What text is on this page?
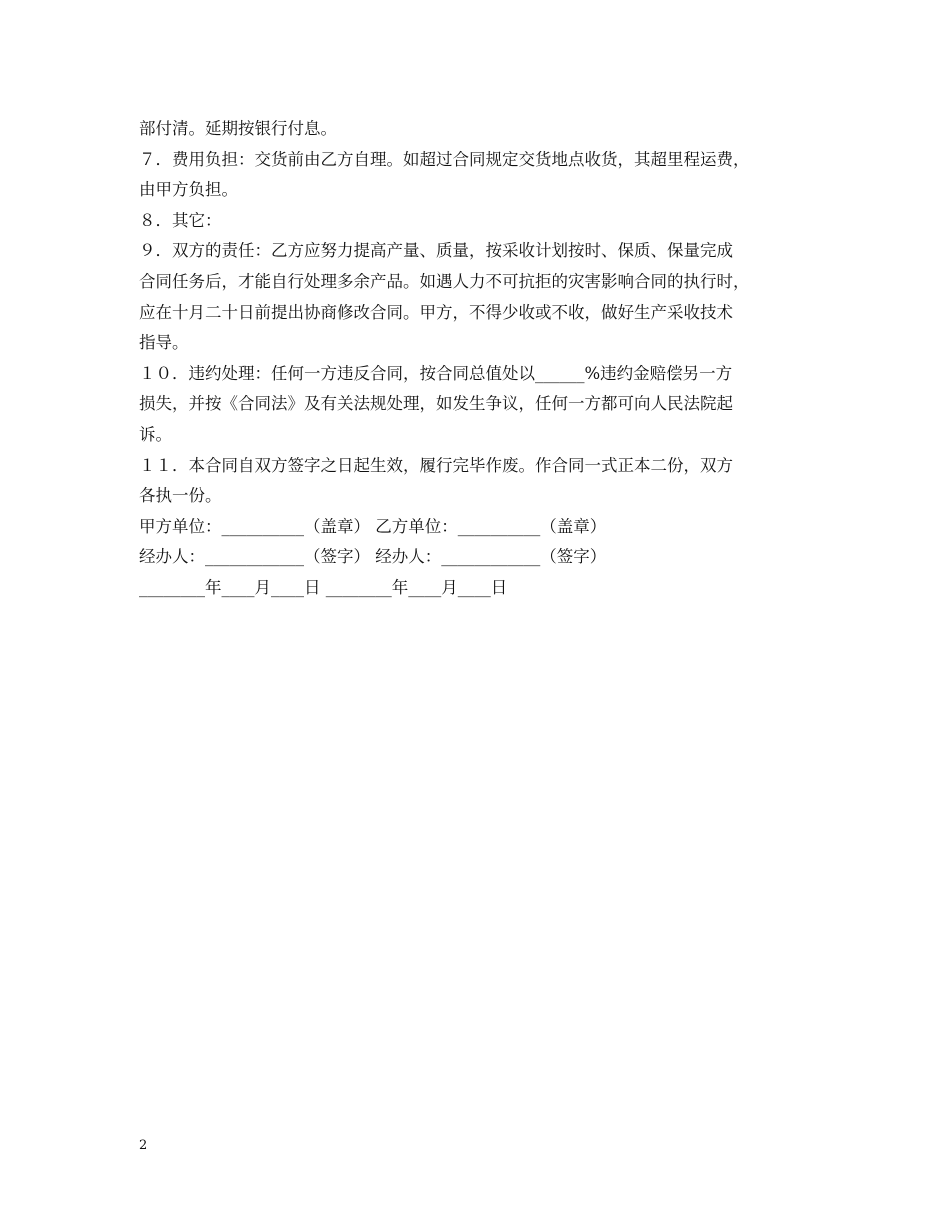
部付清。延期按银行付息。
７．费用负担：交货前由乙方自理。如超过合同规定交货地点收货，其超里程运费，
由甲方负担。
８．其它：
９．双方的责任：乙方应努力提高产量、质量，按采收计划按时、保质、保量完成
合同任务后，才能自行处理多余产品。如遇人力不可抗拒的灾害影响合同的执行时，
应在十月二十日前提出协商修改合同。甲方，不得少收或不收，做好生产采收技术
指导。
１０．违约处理：任何一方违反合同，按合同总值处以______%违约金赔偿另一方
损失，并按《合同法》及有关法规处理，如发生争议，任何一方都可向人民法院起
诉。
１１．本合同自双方签字之日起生效，履行完毕作废。作合同一式正本二份，双方
各执一份。
甲方单位：__________（盖章） 乙方单位：__________（盖章）
经办人：____________（签字） 经办人：____________（签字）
________年____月____日 ________年____月____日
2
